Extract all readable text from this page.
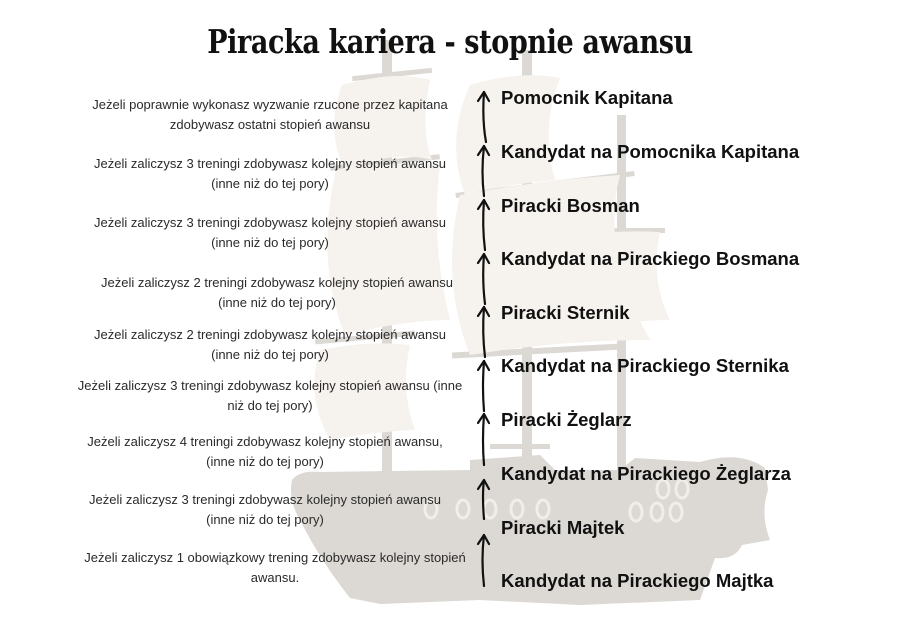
Piracka kariera - stopnie awansu
Jeżeli poprawnie wykonasz wyzwanie rzucone przez kapitana
zdobywasz ostatni stopień awansu
Jeżeli zaliczysz 3 treningi zdobywasz kolejny stopień awansu
(inne niż do tej pory)
Jeżeli zaliczysz 3 treningi zdobywasz kolejny stopień awansu
(inne niż do tej pory)
Jeżeli zaliczysz 2 treningi zdobywasz kolejny stopień awansu
(inne niż do tej pory)
Jeżeli zaliczysz 2 treningi zdobywasz kolejny stopień awansu
(inne niż do tej pory)
Jeżeli zaliczysz 3 treningi zdobywasz kolejny stopień awansu (inne
niż do tej pory)
Jeżeli zaliczysz 4 treningi zdobywasz kolejny stopień awansu,
(inne niż do tej pory)
Jeżeli zaliczysz 3 treningi zdobywasz kolejny stopień awansu
(inne niż do tej pory)
Jeżeli zaliczysz 1 obowiązkowy trening zdobywasz kolejny stopień
awansu.
Pomocnik Kapitana
Kandydat na Pomocnika Kapitana
Piracki Bosman
Kandydat na Pirackiego Bosmana
Piracki Sternik
Kandydat na Pirackiego Sternika
Piracki Żeglarz
Kandydat na Pirackiego Żeglarza
Piracki Majtek
Kandydat na Pirackiego Majtka
